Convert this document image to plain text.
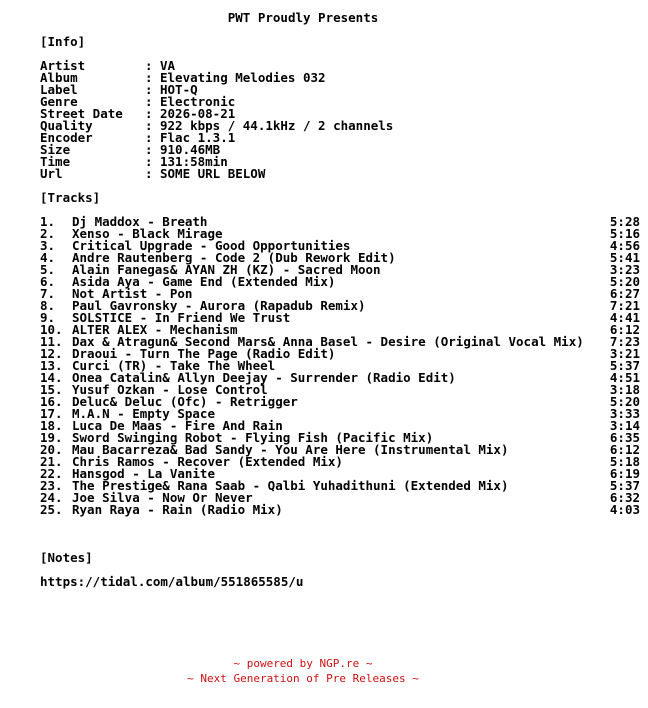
PWT Proudly Presents
[Info]
Artist	: VA
Album	: Elevating Melodies 032
Label	: HOT-Q
Genre	: Electronic
Street Date	: 2026-08-21
Quality	: 922 kbps / 44.1kHz / 2 channels
Encoder	: Flac 1.3.1
Size	: 910.46MB
Time	: 131:58min
Url	: SOME URL BELOW
[Tracks]
1.	Dj Maddox - Breath	5:28
2.	Xenso - Black Mirage	5:16
3.	Critical Upgrade - Good Opportunities	4:56
4.	Andre Rautenberg - Code 2 (Dub Rework Edit)	5:41
5.	Alain Fanegas& AYAN ZH (KZ) - Sacred Moon	3:23
6.	Asida Aya - Game End (Extended Mix)	5:20
7.	Not Artist - Pon	6:27
8.	Paul Gavronsky - Aurora (Rapadub Remix)	7:21
9.	SOLSTICE - In Friend We Trust	4:41
10. ALTER ALEX - Mechanism	6:12
11. Dax & Atragun& Second Mars& Anna Basel - Desire (Original Vocal Mix)	7:23
12. Draoui - Turn The Page (Radio Edit)	3:21
13. Curci (TR) - Take The Wheel	5:37
14. Onea Catalin& Allyn Deejay - Surrender (Radio Edit)	4:51
15. Yusuf Ozkan - Lose Control	3:18
16. Deluc& Deluc (Ofc) - Retrigger	5:20
17. M.A.N - Empty Space	3:33
18. Luca De Maas - Fire And Rain	3:14
19. Sword Swinging Robot - Flying Fish (Pacific Mix)	6:35
20. Mau Bacarreza& Bad Sandy - You Are Here (Instrumental Mix)	6:12
21. Chris Ramos - Recover (Extended Mix)	5:18
22. Hansgod - La Vanite	6:19
23. The Prestige& Rana Saab - Qalbi Yuhadithuni (Extended Mix)	5:37
24. Joe Silva - Now Or Never	6:32
25. Ryan Raya - Rain (Radio Mix)	4:03
[Notes]
https://tidal.com/album/551865585/u
~ powered by NGP.re ~
~ Next Generation of Pre Releases ~
